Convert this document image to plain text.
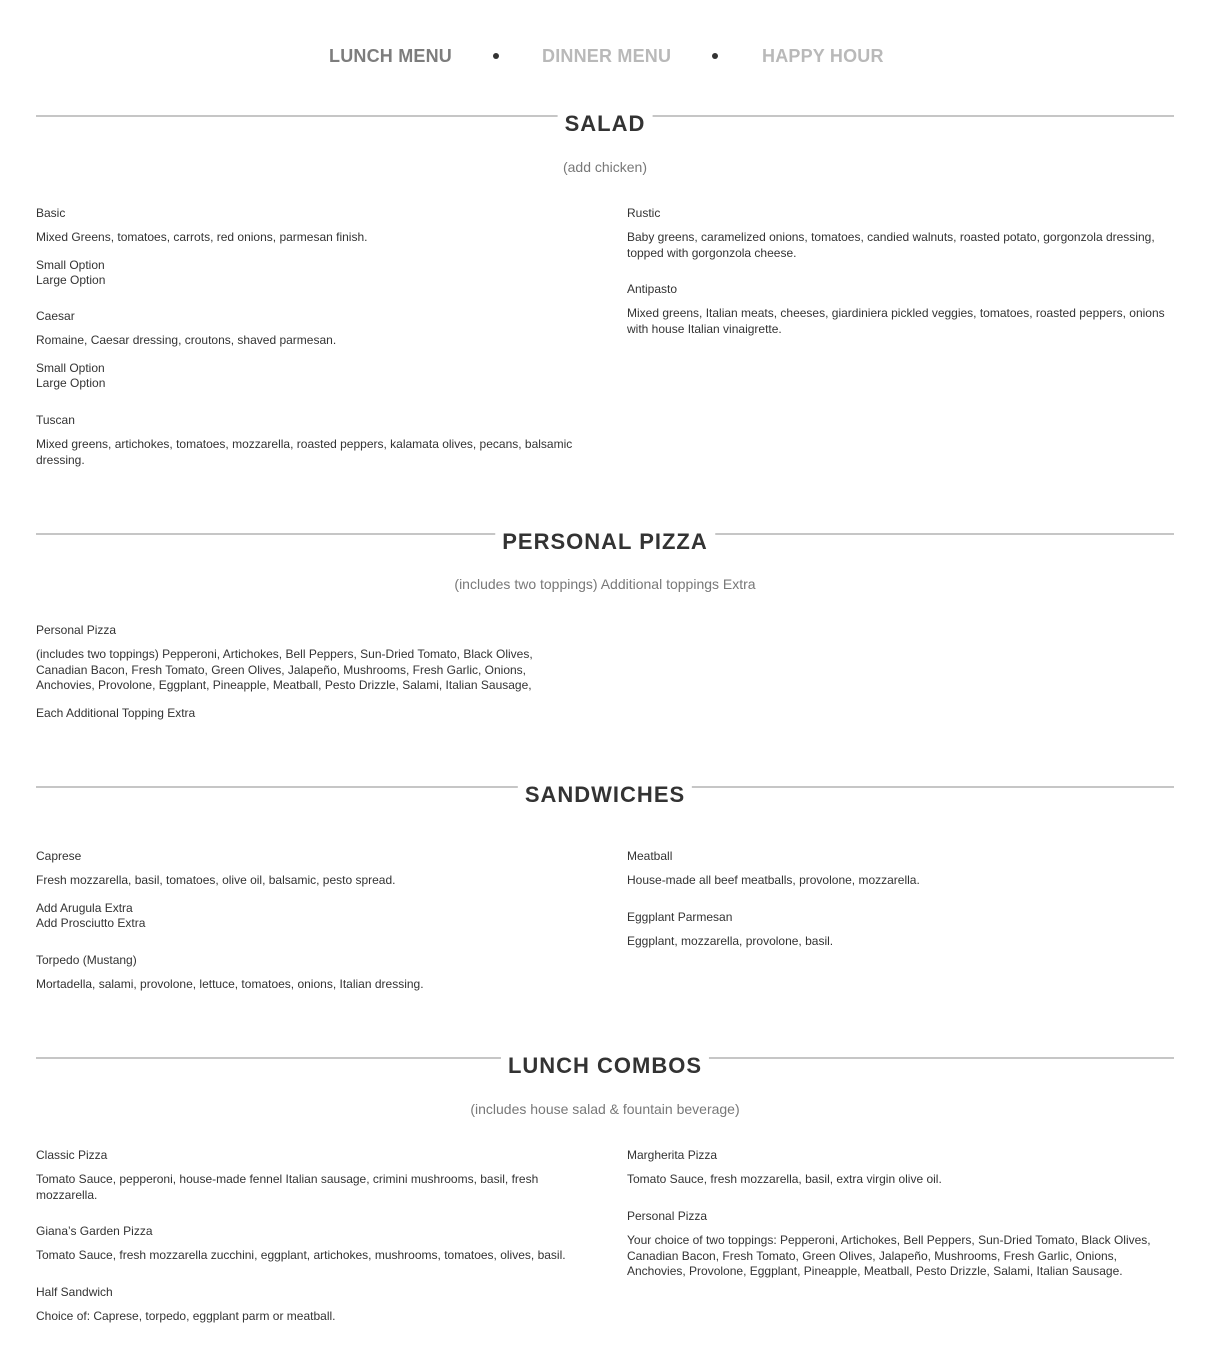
LUNCH MENU	DINNER MENU	HAPPY HOUR
SALAD
(add chicken)
Basic
Mixed Greens, tomatoes, carrots, red onions, parmesan finish.
Small Option
Large Option
Caesar
Romaine, Caesar dressing, croutons, shaved parmesan.
Small Option
Large Option
Tuscan
Mixed greens, artichokes, tomatoes, mozzarella, roasted peppers, kalamata olives, pecans, balsamic dressing.
Rustic
Baby greens, caramelized onions, tomatoes, candied walnuts, roasted potato, gorgonzola dressing, topped with gorgonzola cheese.
Antipasto
Mixed greens, Italian meats, cheeses, giardiniera pickled veggies, tomatoes, roasted peppers, onions with house Italian vinaigrette.
PERSONAL PIZZA
(includes two toppings) Additional toppings Extra
Personal Pizza
(includes two toppings) Pepperoni, Artichokes, Bell Peppers, Sun-Dried Tomato, Black Olives, Canadian Bacon, Fresh Tomato, Green Olives, Jalapeño, Mushrooms, Fresh Garlic, Onions, Anchovies, Provolone, Eggplant, Pineapple, Meatball, Pesto Drizzle, Salami, Italian Sausage,
Each Additional Topping Extra
SANDWICHES
Caprese
Fresh mozzarella, basil, tomatoes, olive oil, balsamic, pesto spread.
Add Arugula Extra
Add Prosciutto Extra
Torpedo (Mustang)
Mortadella, salami, provolone, lettuce, tomatoes, onions, Italian dressing.
Meatball
House-made all beef meatballs, provolone, mozzarella.
Eggplant Parmesan
Eggplant, mozzarella, provolone, basil.
LUNCH COMBOS
(includes house salad & fountain beverage)
Classic Pizza
Tomato Sauce, pepperoni, house-made fennel Italian sausage, crimini mushrooms, basil, fresh mozzarella.
Giana’s Garden Pizza
Tomato Sauce, fresh mozzarella zucchini, eggplant, artichokes, mushrooms, tomatoes, olives, basil.
Half Sandwich
Choice of: Caprese, torpedo, eggplant parm or meatball.
Margherita Pizza
Tomato Sauce, fresh mozzarella, basil, extra virgin olive oil.
Personal Pizza
Your choice of two toppings: Pepperoni, Artichokes, Bell Peppers, Sun-Dried Tomato, Black Olives, Canadian Bacon, Fresh Tomato, Green Olives, Jalapeño, Mushrooms, Fresh Garlic, Onions, Anchovies, Provolone, Eggplant, Pineapple, Meatball, Pesto Drizzle, Salami, Italian Sausage.
